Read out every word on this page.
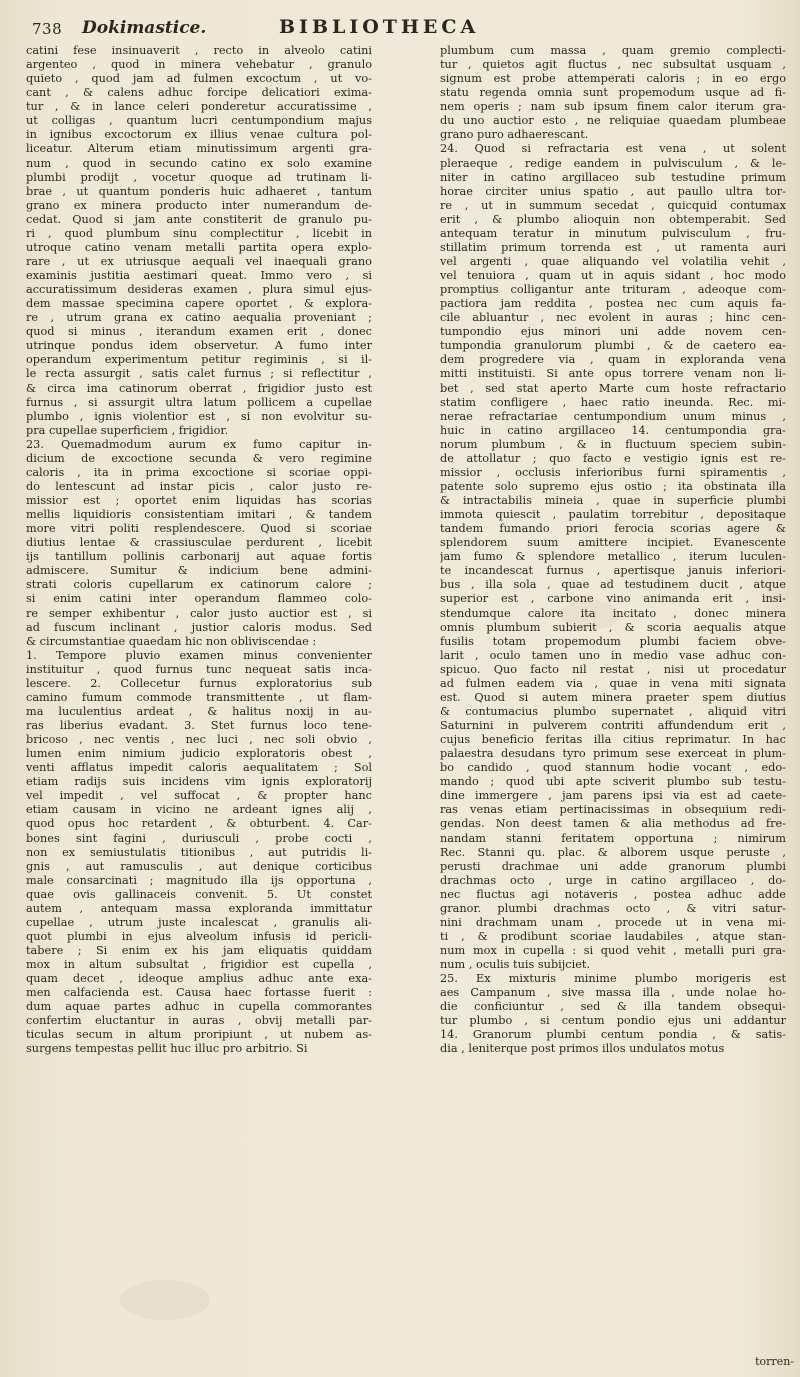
738 Dokimastice.	BIBLIOTHECA
catini fese insinuaverit , recto in alveolo catini
argenteo , quod in minera vehebatur , granulo
quieto , quod jam ad fulmen excoctum , ut vo-
cant , & calens adhuc forcipe delicatiori exima-
tur , & in lance celeri ponderetur accuratissime ,
ut colligas , quantum lucri centumpondium majus
in ignibus excoctorum ex illius venae cultura pol-
liceatur. Alterum etiam minutissimum argenti gra-
num , quod in secundo catino ex solo examine
plumbi prodijt , vocetur quoque ad trutinam li-
brae , ut quantum ponderis huic adhaeret , tantum
grano ex minera producto inter numerandum de-
cedat. Quod si jam ante constiterit de granulo pu-
ri , quod plumbum sinu complectitur , licebit in
utroque catino venam metalli partita opera explo-
rare , ut ex utriusque aequali vel inaequali grano
examinis justitia aestimari queat. Immo vero , si
accuratissimum desideras examen , plura simul ejus-
dem massae specimina capere oportet , & explora-
re , utrum grana ex catino aequalia proveniant ;
quod si minus , iterandum examen erit , donec
utrinque pondus idem observetur. A fumo inter
operandum experimentum petitur regiminis , si il-
le recta assurgit , satis calet furnus ; si reflectitur ,
& circa ima catinorum oberrat , frigidior justo est
furnus , si assurgit ultra latum pollicem a cupellae
plumbo , ignis violentior est , si non evolvitur su-
pra cupellae superficiem , frigidior.
23. Quemadmodum aurum ex fumo capitur in-
dicium de excoctione secunda & vero regimine
caloris , ita in prima excoctione si scoriae oppi-
do lentescunt ad instar picis , calor justo re-
missior est ; oportet enim liquidas has scorias
mellis liquidioris consistentiam imitari , & tandem
more vitri politi resplendescere. Quod si scoriae
diutius lentae & crassiusculae perdurent , licebit
ijs tantillum pollinis carbonarij aut aquae fortis
admiscere. Sumitur & indicium bene admini-
strati coloris cupellarum ex catinorum calore ;
si enim catini inter operandum flammeo colo-
re semper exhibentur , calor justo auctior est , si
ad fuscum inclinant , justior caloris modus. Sed
& circumstantiae quaedam hic non obliviscendae :
1. Tempore pluvio examen minus convenienter
instituitur , quod furnus tunc nequeat satis inca-
lescere. 2. Collecetur furnus exploratorius sub
camino fumum commode transmittente , ut flam-
ma luculentius ardeat , & halitus noxij in au-
ras liberius evadant. 3. Stet furnus loco tene-
bricoso , nec ventis , nec luci , nec soli obvio ,
lumen enim nimium judicio exploratoris obest ,
venti afflatus impedit caloris aequalitatem ; Sol
etiam radijs suis incidens vim ignis exploratorij
vel impedit , vel suffocat , & propter hanc
etiam causam in vicino ne ardeant ignes alij ,
quod opus hoc retardent , & obturbent. 4. Car-
bones sint fagini , duriusculi , probe cocti ,
non ex semiustulatis titionibus , aut putridis li-
gnis , aut ramusculis , aut denique corticibus
male consarcinati ; magnitudo illa ijs opportuna ,
quae ovis gallinaceis convenit. 5. Ut constet
autem , antequam massa exploranda immittatur
cupellae , utrum juste incalescat , granulis ali-
quot plumbi in ejus alveolum infusis id pericli-
tabere ; Si enim ex his jam eliquatis quiddam
mox in altum subsultat , frigidior est cupella ,
quam decet , ideoque amplius adhuc ante exa-
men calfacienda est. Causa haec fortasse fuerit :
dum aquae partes adhuc in cupella commorantes
confertim eluctantur in auras , obvij metalli par-
ticulas secum in altum proripiunt , ut nubem as-
surgens tempestas pellit huc illuc pro arbitrio. Si
plumbum cum massa , quam gremio complecti-
tur , quietos agit fluctus , nec subsultat usquam ,
signum est probe attemperati caloris ; in eo ergo
statu regenda omnia sunt propemodum usque ad fi-
nem operis ; nam sub ipsum finem calor iterum gra-
du uno auctior esto , ne reliquiae quaedam plumbeae
grano puro adhaerescant.
24. Quod si refractaria est vena , ut solent
pleraeque , redige eandem in pulvisculum , & le-
niter in catino argillaceo sub testudine primum
horae circiter unius spatio , aut paullo ultra tor-
re , ut in summum secedat , quicquid contumax
erit , & plumbo alioquin non obtemperabit. Sed
antequam teratur in minutum pulvisculum , fru-
stillatim primum torrenda est , ut ramenta auri
vel argenti , quae aliquando vel volatilia vehit ,
vel tenuiora , quam ut in aquis sidant , hoc modo
promptius colligantur ante trituram , adeoque com-
pactiora jam reddita , postea nec cum aquis fa-
cile abluantur , nec evolent in auras ; hinc cen-
tumpondio ejus minori uni adde novem cen-
tumpondia granulorum plumbi , & de caetero ea-
dem progredere via , quam in exploranda vena
mitti instituisti. Si ante opus torrere venam non li-
bet , sed stat aperto Marte cum hoste refractario
statim confligere , haec ratio ineunda. Rec. mi-
nerae refractariae centumpondium unum minus ,
huic in catino argillaceo 14. centumpondia gra-
norum plumbum , & in fluctuum speciem subin-
de attollatur ; quo facto e vestigio ignis est re-
missior , occlusis inferioribus furni spiramentis ,
patente solo supremo ejus ostio ; ita obstinata illa
& intractabilis mineia , quae in superficie plumbi
immota quiescit , paulatim torrebitur , depositaque
tandem fumando priori ferocia scorias agere &
splendorem suum amittere incipiet. Evanescente
jam fumo & splendore metallico , iterum luculen-
te incandescat furnus , apertisque januis inferiori-
bus , illa sola , quae ad testudinem ducit , atque
superior est , carbone vino animanda erit , insi-
stendumque calore ita incitato , donec minera
omnis plumbum subierit , & scoria aequalis atque
fusilis totam propemodum plumbi faciem obve-
larit , oculo tamen uno in medio vase adhuc con-
spicuo. Quo facto nil restat , nisi ut procedatur
ad fulmen eadem via , quae in vena miti signata
est. Quod si autem minera praeter spem diutius
& contumacius plumbo supernatet , aliquid vitri
Saturnini in pulverem contriti affundendum erit ,
cujus beneficio feritas illa citius reprimatur. In hac
palaestra desudans tyro primum sese exerceat in plum-
bo candido , quod stannum hodie vocant , edo-
mando ; quod ubi apte sciverit plumbo sub testu-
dine immergere , jam parens ipsi via est ad caete-
ras venas etiam pertinacissimas in obsequium redi-
gendas. Non deest tamen & alia methodus ad fre-
nandam stanni feritatem opportuna ; nimirum
Rec. Stanni qu. plac. & alborem usque peruste ,
perusti drachmae uni adde granorum plumbi
drachmas octo , urge in catino argillaceo , do-
nec fluctus agi notaveris , postea adhuc adde
granor. plumbi drachmas octo , & vitri satur-
nini drachmam unam , procede ut in vena mi-
ti , & prodibunt scoriae laudabiles , atque stan-
num mox in cupella : si quod vehit , metalli puri gra-
num , oculis tuis subijciet.
25. Ex mixturis minime plumbo morigeris est
aes Campanum , sive massa illa , unde nolae ho-
die conficiuntur , sed & illa tandem obsequi-
tur plumbo , si centum pondio ejus uni addantur
14. Granorum plumbi centum pondia , & satis-
dia , leniterque post primos illos undulatos motus
torren-
